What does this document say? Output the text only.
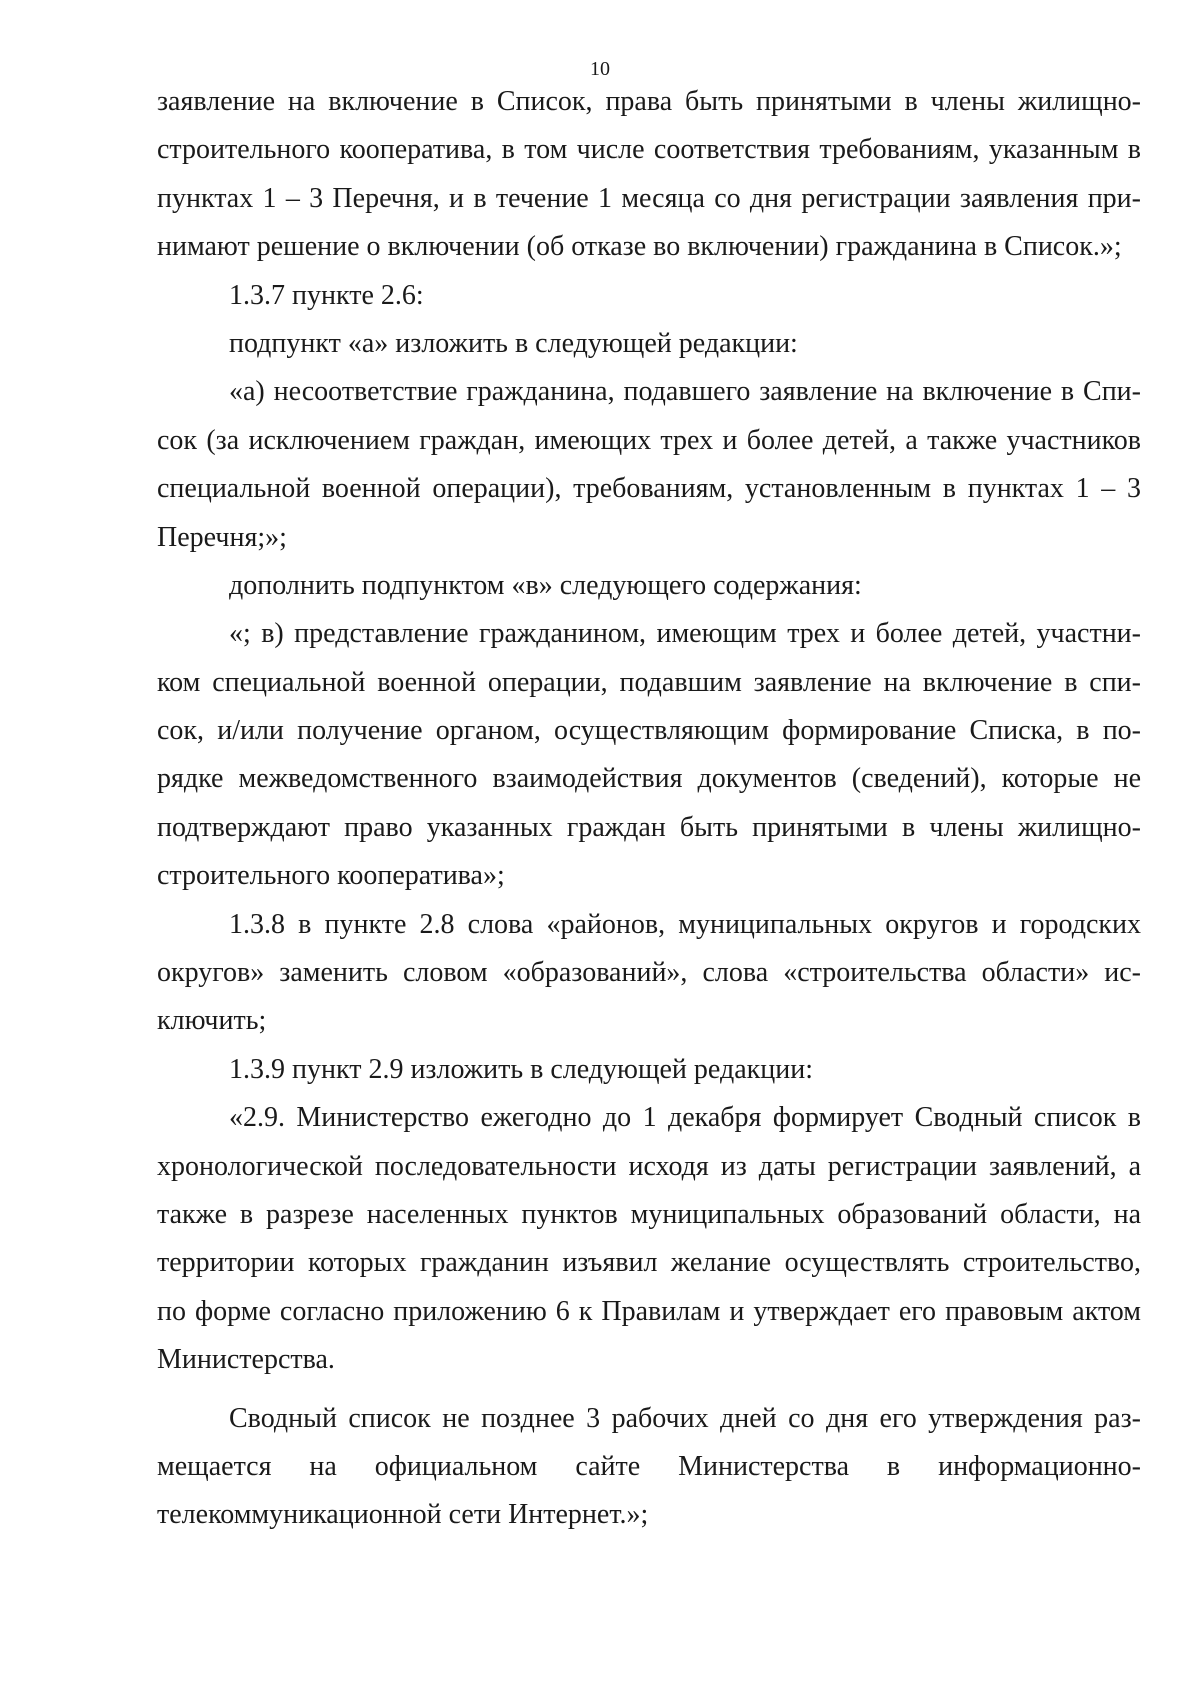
10
заявление на включение в Список, права быть принятыми в члены жилищно-
строительного кооператива, в том числе соответствия требованиям, указанным в
пунктах 1 – 3 Перечня, и в течение 1 месяца со дня регистрации заявления при-
нимают решение о включении (об отказе во включении) гражданина в Список.»;
1.3.7 пункте 2.6:
подпункт «а» изложить в следующей редакции:
«а) несоответствие гражданина, подавшего заявление на включение в Спи-
сок (за исключением граждан, имеющих трех и более детей, а также участников
специальной военной операции), требованиям, установленным в пунктах 1 – 3
Перечня;»;
дополнить подпунктом «в» следующего содержания:
«; в) представление гражданином, имеющим трех и более детей, участни-
ком специальной военной операции, подавшим заявление на включение в спи-
сок, и/или получение органом, осуществляющим формирование Списка, в по-
рядке межведомственного взаимодействия документов (сведений), которые не
подтверждают право указанных граждан быть принятыми в члены жилищно-
строительного кооператива»;
1.3.8 в пункте 2.8 слова «районов, муниципальных округов и городских
округов» заменить словом «образований», слова «строительства области» ис-
ключить;
1.3.9 пункт 2.9 изложить в следующей редакции:
«2.9. Министерство ежегодно до 1 декабря формирует Сводный список в
хронологической последовательности исходя из даты регистрации заявлений, а
также в разрезе населенных пунктов муниципальных образований области, на
территории которых гражданин изъявил желание осуществлять строительство,
по форме согласно приложению 6 к Правилам и утверждает его правовым актом
Министерства.
Сводный список не позднее 3 рабочих дней со дня его утверждения раз-
мещается на официальном сайте Министерства в информационно-
телекоммуникационной сети Интернет.»;
